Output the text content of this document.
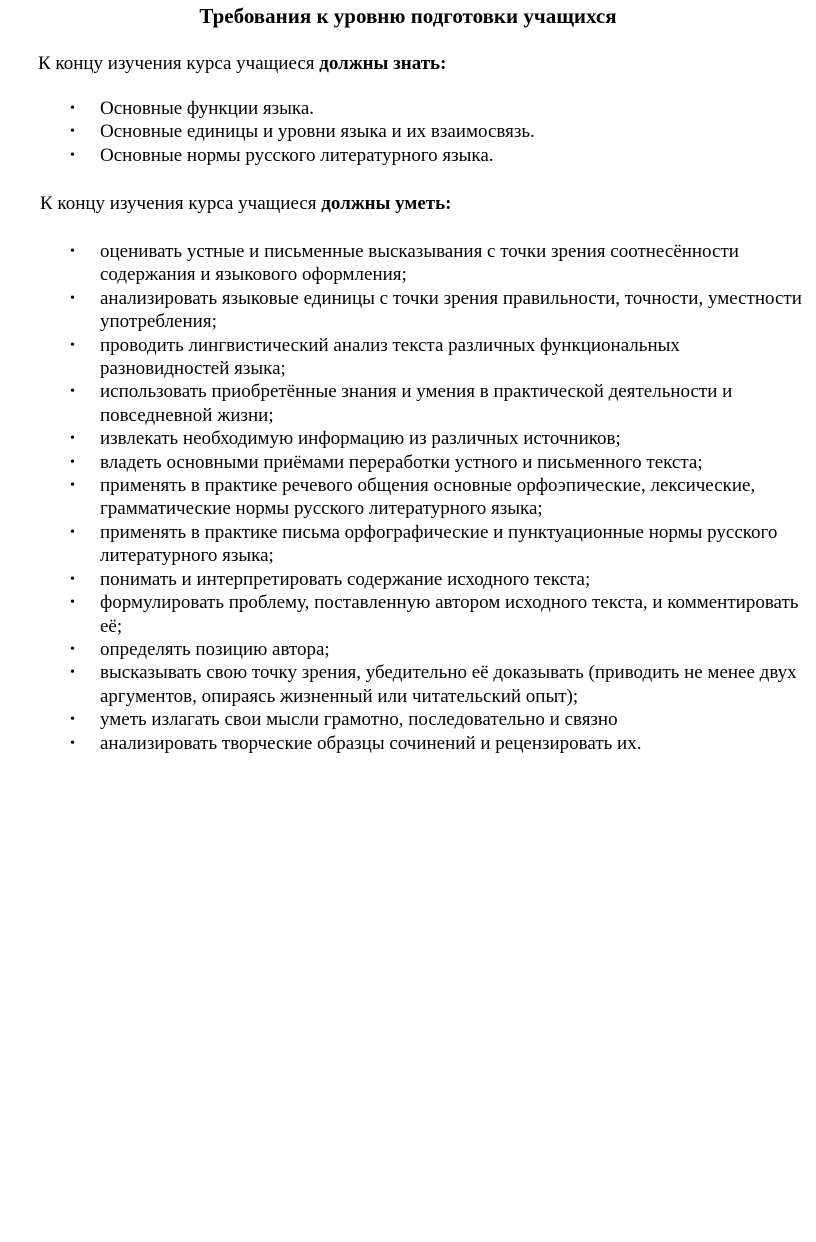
Требования к уровню подготовки учащихся

К концу изучения курса учащиеся должны знать:

• Основные функции языка.
• Основные единицы и уровни языка и их взаимосвязь.
• Основные нормы русского литературного языка.

К концу изучения курса учащиеся должны уметь:

• оценивать устные и письменные высказывания с точки зрения соотнесённости содержания и языкового оформления;
• анализировать языковые единицы с точки зрения правильности, точности, уместности употребления;
• проводить лингвистический анализ текста различных функциональных разновидностей языка;
• использовать приобретённые знания и умения в практической деятельности и повседневной жизни;
• извлекать необходимую информацию из различных источников;
• владеть основными приёмами переработки устного и письменного текста;
• применять в практике речевого общения основные орфоэпические, лексические, грамматические нормы русского литературного языка;
• применять в практике письма орфографические и пунктуационные нормы русского литературного языка;
• понимать и интерпретировать содержание исходного текста;
• формулировать проблему, поставленную автором исходного текста, и комментировать её;
• определять позицию автора;
• высказывать свою точку зрения, убедительно её доказывать (приводить не менее двух аргументов, опираясь жизненный или читательский опыт);
• уметь излагать свои мысли грамотно, последовательно и связно
• анализировать творческие образцы сочинений и рецензировать их.
